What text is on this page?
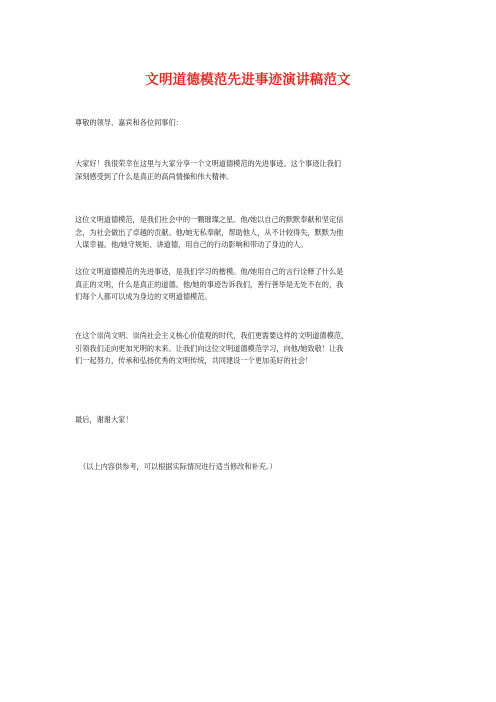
文明道德模范先进事迹演讲稿范文

尊敬的领导、嘉宾和各位同事们：

大家好！我很荣幸在这里与大家分享一个文明道德模范的先进事迹。这个事迹让我们
深刻感受到了什么是真正的高尚情操和伟大精神。

这位文明道德模范，是我们社会中的一颗璀璨之星。他/她以自己的默默奉献和坚定信
念，为社会做出了卓越的贡献。他/她无私奉献，帮助他人，从不计较得失，默默为他
人谋幸福。他/她守规矩、讲道德，用自己的行动影响和带动了身边的人。

这位文明道德模范的先进事迹，是我们学习的楷模。他/她用自己的言行诠释了什么是
真正的文明，什么是真正的道德。他/她的事迹告诉我们，善行善举是无处不在的，我
们每个人都可以成为身边的文明道德模范。

在这个崇尚文明、崇尚社会主义核心价值观的时代，我们更需要这样的文明道德模范，
引领我们走向更加光明的未来。让我们向这位文明道德模范学习，向他/她致敬！让我
们一起努力，传承和弘扬优秀的文明传统，共同建设一个更加美好的社会！

最后，谢谢大家！

（以上内容供参考，可以根据实际情况进行适当修改和补充。）
